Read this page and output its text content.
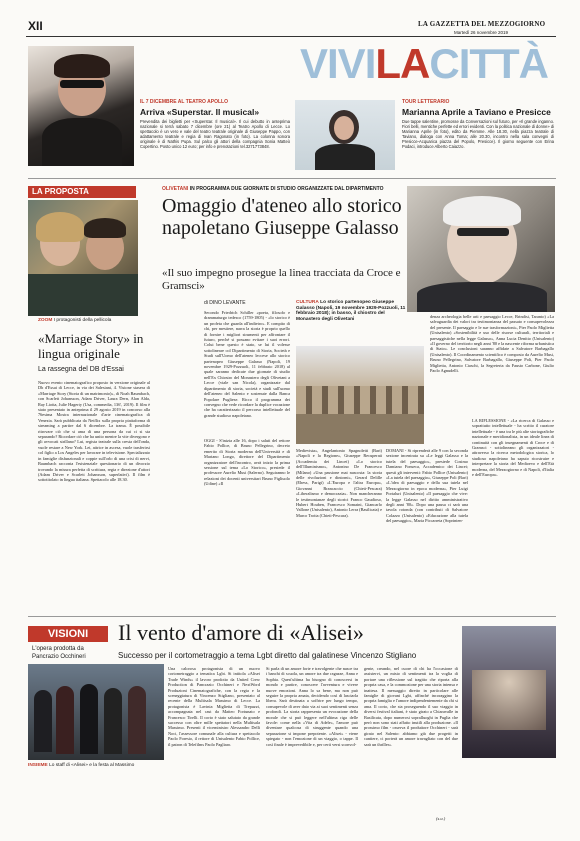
XII	LA GAZZETTA DEL MEZZOGIORNO
Martedì 26 novembre 2019
VIVILACITTÀ
IL 7 DICEMBRE AL TEATRO APOLLO
Arriva «Superstar. Il musical»
Prevendita dei biglietti per «Superstar. Il musical». Il cui debutto in anteprima nazionale si terrà sabato 7 dicembre (ore 21) al Teatro Apollo di Lecce. Lo spettacolo è un vero e vale del teatro teatrale originale di Giuseppe Pappo, con adattamento teatrale e regia di Ivan Ragonato (in foto). La colonna sonora originale è di Nathis Pupa. Sul palco gli attori della compagnia Sonia Matteò Copertino. Posto unico 12 euro; per info e prenotazioni tel.3271773848.
TOUR LETTERARIO
Marianna Aprile a Taviano e Presicce
Due tappe salentine, promosse da Conversazioni sul futuro, per «Il grande inganno. Fiori belli, mentiche perfette ed errori evidenti. Con la politica nazionale di donne» di Marianna Aprile (in foto), edito da Piemme. Alle 18.30, nella piazza teatrale di Taviano, dialoga con Anna Toma; alle 20.30, incontro nella sala convegni di Presicce-Acquarica piazza del Popolo, Presicce). Il giorno seguente con Erina Podaci, introduce Alberto Caiazzo.
LA PROPOSTA
ZOOM I protagonisti della pellicola
«Marriage Story» in lingua originale
La rassegna del DB d'Essai
Nuovo evento cinematografico proposto in versione originale al Db d'Essai di Lecce, in via dei Salesiani, 4. Visione stasera di «Marriage Story (Storia di un matrimonio)», di Noah Baumbach, con Scarlett Johansson, Adam Driver, Laura Dern, Alan Alda, Ray Liotta, Julie Hagerty (Usa, commedia, 136', 2019). Il film è stato presentato in anteprima il 29 agosto 2019 in concorso alla 76esima Mostra internazionale d'arte cinematografica di Venezia. Sarà pubblicata da Netflix sulla propria piattaforma di streaming a partire dal 6 dicembre. La trama. È possibile ritrovare ciò che si ama di una persona da cui ci si sta separando? Ricordare ciò che ha unito mentre la vite divergono e gli avvocati strillano? Lui, regista teatrale sulla cresta dell'onda, vuole restare a New York. Lei, attrice in ascesa, vuole trasferirsi col figlio a Los Angeles per lavorare in televisione. Specializzato in famiglie disfunzionali e coppie sull'orlo di una crisi di nervi, Baumbach racconta l'esistenziale questionario di un divorzio trovando la misura perfetta di scrittura, regia e direzione d'attori (Adam Driver e Scarlett Johansson, superlativi). Il film è sottotitolato in lingua italiana. Spettacolo alle 18.30.
OLIVETANI IN PROGRAMMA DUE GIORNATE DI STUDIO ORGANIZZATE DAL DIPARTIMENTO
Omaggio d'ateneo allo storico napoletano Giuseppe Galasso
«Il suo impegno prosegue la linea tracciata da Croce e Gramsci»
di DINO LEVANTE	CULTURA Lo storico partenopeo Giuseppe Galasso (Napoli, 19 novembre 1929-Pozzuoli, 11 febbraio 2018); in basso, il chiostro del Monastero degli Olivetani
Secondo Friedrich Schiller «poeta, filosofo e drammaturgo tedesco (1759-1805) - «lo storico è un profeta che guarda all'indietro». E compito di chi, per mestiere, narra la storia è proprio quello di fornire i migliori strumenti per affrontare il futuro, perché si possano evitare i suoi errori. Colui bene questo è stato, se lui il volesse sottolineare col Dipartimento di Storia, Società e Studi sull'Uomo dell'ateneo leccese allo storico partenopeo Giuseppe Galasso (Napoli, 19 novembre 1929-Pozzuoli, 11 febbraio 2018) al quale saranno dedicate due giornate di studio nell'Ex Chiostro del Monastero degli Olivetani a Lecce (viale san Nicola), organizzate dal dipartimento di storia, società e studi sull'uomo dell'ateneo del Salento e sostenute dalla Banca Popolare Pugliese. Ricco il programma dei convegno che vede ricordare la duplice vocazione che ha caratterizzato il percorso intellettuale del grande studioso napoletano.
OGGI - S'inizia alle 16, dopo i saluti del rettore Fabio Pollice, di Bruno Pellegrino, decreto emerito di Storia moderna dell'Università e di Mariano Longo, direttore del Dipartimento organizzatore dell'incontro, avrà inizio la prima sessione sul tema «Lo Storico», presiede il professore Aurelio Musi (Salerno). Seguiranno le relazioni dei docenti universitari Bruno Figliuolo (Udine) «Il
Medievista», Angelantonio Spagnoletti (Bari) «Napoli e la Regione», Giuseppe Recuperati (Accademia dei Lincei) «Lo storico dell'Illuminismo», Antonino De Francesco (Milano) «Una passione mai nascosta: la storia delle rivoluzioni e dintorni», Gerard Delille (Ehess, Parigi) «L'Europa e l'altra Europa», Giovanni Brancaccio (Chieti-Pescara) «Liberalismo e democrazia». Non mancheranno le testimonianze degli storici Franco Gaudioso, Hubert Houben, Francesco Somaini, Giancarlo Vallone (Unisalento), Antonio Lerra (Basilicata) e Marco Trotta (Chieti-Pescara).
DOMANI - Si riprenderà alle 9 con la seconda sezione incentrata su «Le leggi Galasso e la tutela del paesaggio», presiede Cosimo Damiano Fonseca, Accademico dei Lincei; questi gli interventi: Fabio Pollice (Unisalento) «La tutela del paesaggio», Giuseppe Poli (Bari) «L'idea di paesaggio e della sua tutela nel Mezzogiorno in epoca moderna», Pier Luigi Portaluri (Unisalento) «Il paesaggio che vive: la legge Galasso nel diritto amministrativo degli anni '80». Dopo una pausa ci sarà una tavola rotonda (con contributi di Salvatore Colazzo (Unisalento) «Educazione alla tutela del paesaggio», Maria Piccarreta (Soprinten-
denza archeologia belle arti e paesaggio Lecce, Brindisi, Taranto) «La salvaguardia dei valori tra testimonianza del passato e consapevolezza del presente. Il paesaggio e le sue trasformazioni», Pier Paolo Miglietta (Unisalento) «Sostenibilità e uso delle risorse culturali, territoriali e paesaggistiche nella legge Galasso», Anna Lucia Denitto (Unisalento) «Il governo del territorio negli anni '80 e la nascente riforma urbanistica di Stato». Le conclusioni saranno affidate a Salvatore Barbagallo (Unisalento). Il Coordinamento scientifico è composto da Aurelio Musi, Bruno Pellegrino, Salvatore Barbagallo, Giuseppe Poli, Pier Paolo Miglietta, Antonio Ciaschi, la Segreteria da Fausto Carbone, Giulio Paolo Agnudelli.
LA RIFLESSIONE - «La ricerca di Galasso e soprattutto intellettuale - ha scritto il curatore intellettuale - è una tra le più alte storiografiche nazionale e meridionalista, in un ideale linea di continuità con gli insegnamenti di Croce e di Gramsci - sottolineano gli organizzatori - attraverso la ricerca metodologica storica, lo studioso napoletano ha saputo ricostruire e interpretare la storia del Medioevo e dell'Età moderna, del Mezzogiorno e di Napoli, d'Italia e dell'Europa».
VISIONI
L'opera prodotta da Pancrazio Occhineri
Il vento d'amore di «Alisei»
Successo per il cortometraggio a tema Lgbt diretto dal galatinese Vincenzo Stigliano
INSIEME Lo staff di «Alisei» e la festa al Massimo
Una calorosa protagonista di un nuovo cortometraggio a tematica Lgbt. Si intitola «Alisei Trade Winds» il lavoro prodotto da United Crew Production di Pancrazio Occhineri e NextWord Produzioni Cinematografiche, con la regia e la sceneggiatura di Vincenzo Stigliano, presentato al recente della Multisala Massimo di Lecce. La protagonista è Lavinia Miglietta di Trepuzzi, accompagnata nel cast da Matteo Fortunato e Francesco Tirelli. Il corto è stato salutato da grande successo con oltre mille spettatori nella Multisala Massimo. Presenti il viceministro Alessandro Delli Noci, l'assessore comunale alla cultura e spettacolo Paolo Foresio, il rettore di Unisalento Fabio Pollice, il patron di Telefilms Paolo Pagliaro.
Si parla di un amore forte e travolgente che nasce tra i banchi di scuola, un amore tra due ragazze, Anna e Sophia. Quest'ultima ha bisogno di conoscersi in mondo e partire, conoscere l'avventura e vivere nuove emozioni. Anna lo sa bene, ma non può seguire la propria amata, decidendo così di lasciarla libera. Sarà destinata a soffrire per lungo tempo, consapevole di aver dato via ai suoi sentimenti senza profondi. La storia rappresenta un evocazione della morale che si può leggere nell'ultima riga delle favole: come nella «Vita di Adele», l'amore può diventare qualcosa di struggente quando una separazione si impone prepotente. «Alisei» - viene spiegato - non l'emozione di un viaggio, o tappe. Il così finale è imprevedibile e, per certi versi sconvol-
gente, creando, nel cuore di chi ha l'occasione di assistervi, un misto di sentimenti tra la voglia di portare una riflessione sul tragitto che riporta alla propria casa, e la commozione per una storia intensa e inattesa. Il messaggio diretto in particolare alle famiglie di giovani Lgbt, affinché incoraggino la propria famiglia e l'amore indipendentemente da chi si ama. Il corto, che sta proseguendo il suo viaggio in diversi festival italiani, è stato girato a Chiaravalle in Basilicata, dopo numerosi sopralluoghi in Puglia che però non sono stati affatto inutili alla produzione. «Il prossimo film - osserva il produttore Occhineri - sarà girato nel Salento: abbiamo già due progetti in cantiere, ci porterà un amore travagliato con del due sarà un thriller».
(s.u.)
